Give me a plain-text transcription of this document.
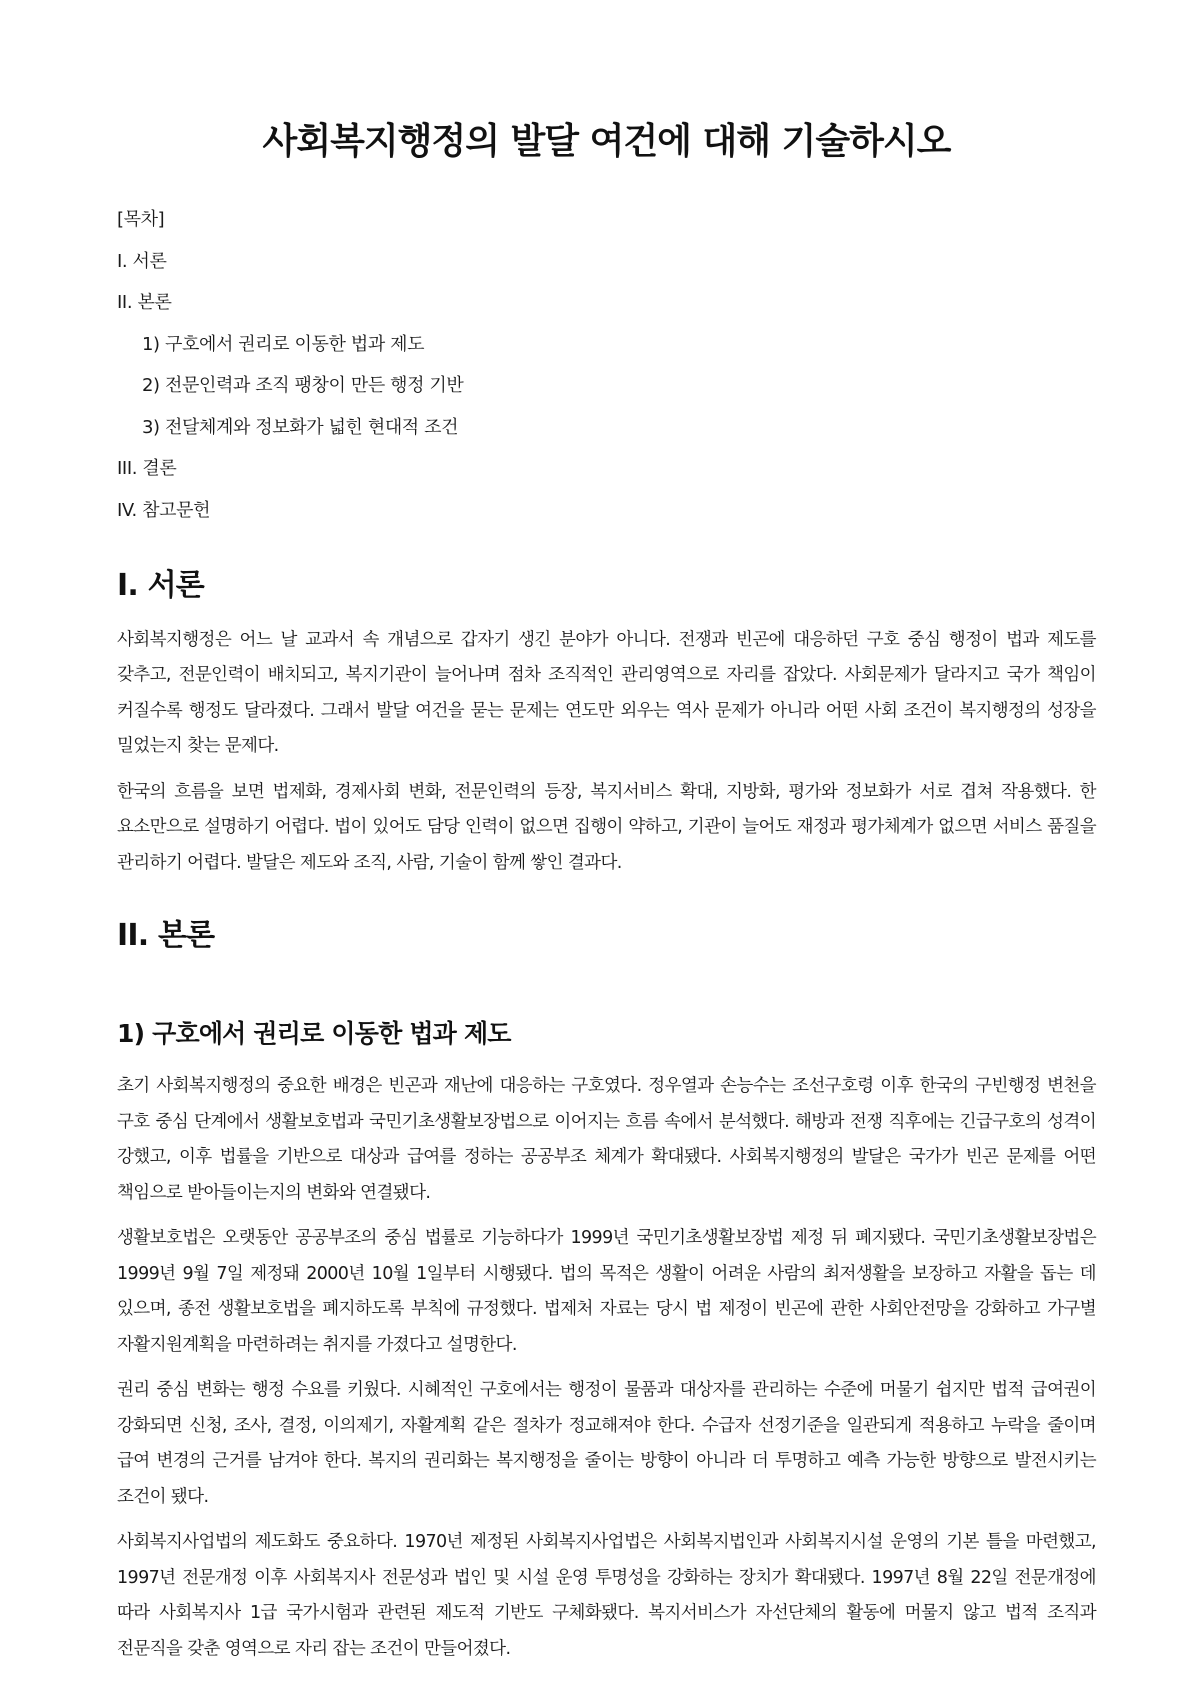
사회복지행정의 발달 여건에 대해 기술하시오
[목차]
I. 서론
II. 본론
1) 구호에서 권리로 이동한 법과 제도
2) 전문인력과 조직 팽창이 만든 행정 기반
3) 전달체계와 정보화가 넓힌 현대적 조건
III. 결론
IV. 참고문헌
I. 서론

사회복지행정은 어느 날 교과서 속 개념으로 갑자기 생긴 분야가 아니다. 전쟁과 빈곤에 대응하던 구호 중심 행정이 법과 제도를 갖추고, 전문인력이 배치되고, 복지기관이 늘어나며 점차 조직적인 관리영역으로 자리를 잡았다. 사회문제가 달라지고 국가 책임이 커질수록 행정도 달라졌다. 그래서 발달 여건을 묻는 문제는 연도만 외우는 역사 문제가 아니라 어떤 사회 조건이 복지행정의 성장을 밀었는지 찾는 문제다.

한국의 흐름을 보면 법제화, 경제사회 변화, 전문인력의 등장, 복지서비스 확대, 지방화, 평가와 정보화가 서로 겹쳐 작용했다. 한 요소만으로 설명하기 어렵다. 법이 있어도 담당 인력이 없으면 집행이 약하고, 기관이 늘어도 재정과 평가체계가 없으면 서비스 품질을 관리하기 어렵다. 발달은 제도와 조직, 사람, 기술이 함께 쌓인 결과다.

II. 본론
1) 구호에서 권리로 이동한 법과 제도

초기 사회복지행정의 중요한 배경은 빈곤과 재난에 대응하는 구호였다. 정우열과 손능수는 조선구호령 이후 한국의 구빈행정 변천을 구호 중심 단계에서 생활보호법과 국민기초생활보장법으로 이어지는 흐름 속에서 분석했다. 해방과 전쟁 직후에는 긴급구호의 성격이 강했고, 이후 법률을 기반으로 대상과 급여를 정하는 공공부조 체계가 확대됐다. 사회복지행정의 발달은 국가가 빈곤 문제를 어떤 책임으로 받아들이는지의 변화와 연결됐다.

생활보호법은 오랫동안 공공부조의 중심 법률로 기능하다가 1999년 국민기초생활보장법 제정 뒤 폐지됐다. 국민기초생활보장법은 1999년 9월 7일 제정돼 2000년 10월 1일부터 시행됐다. 법의 목적은 생활이 어려운 사람의 최저생활을 보장하고 자활을 돕는 데 있으며, 종전 생활보호법을 폐지하도록 부칙에 규정했다. 법제처 자료는 당시 법 제정이 빈곤에 관한 사회안전망을 강화하고 가구별 자활지원계획을 마련하려는 취지를 가졌다고 설명한다.

권리 중심 변화는 행정 수요를 키웠다. 시혜적인 구호에서는 행정이 물품과 대상자를 관리하는 수준에 머물기 쉽지만 법적 급여권이 강화되면 신청, 조사, 결정, 이의제기, 자활계획 같은 절차가 정교해져야 한다. 수급자 선정기준을 일관되게 적용하고 누락을 줄이며 급여 변경의 근거를 남겨야 한다. 복지의 권리화는 복지행정을 줄이는 방향이 아니라 더 투명하고 예측 가능한 방향으로 발전시키는 조건이 됐다.

사회복지사업법의 제도화도 중요하다. 1970년 제정된 사회복지사업법은 사회복지법인과 사회복지시설 운영의 기본 틀을 마련했고, 1997년 전문개정 이후 사회복지사 전문성과 법인 및 시설 운영 투명성을 강화하는 장치가 확대됐다. 1997년 8월 22일 전문개정에 따라 사회복지사 1급 국가시험과 관련된 제도적 기반도 구체화됐다. 복지서비스가 자선단체의 활동에 머물지 않고 법적 조직과 전문직을 갖춘 영역으로 자리 잡는 조건이 만들어졌다.
